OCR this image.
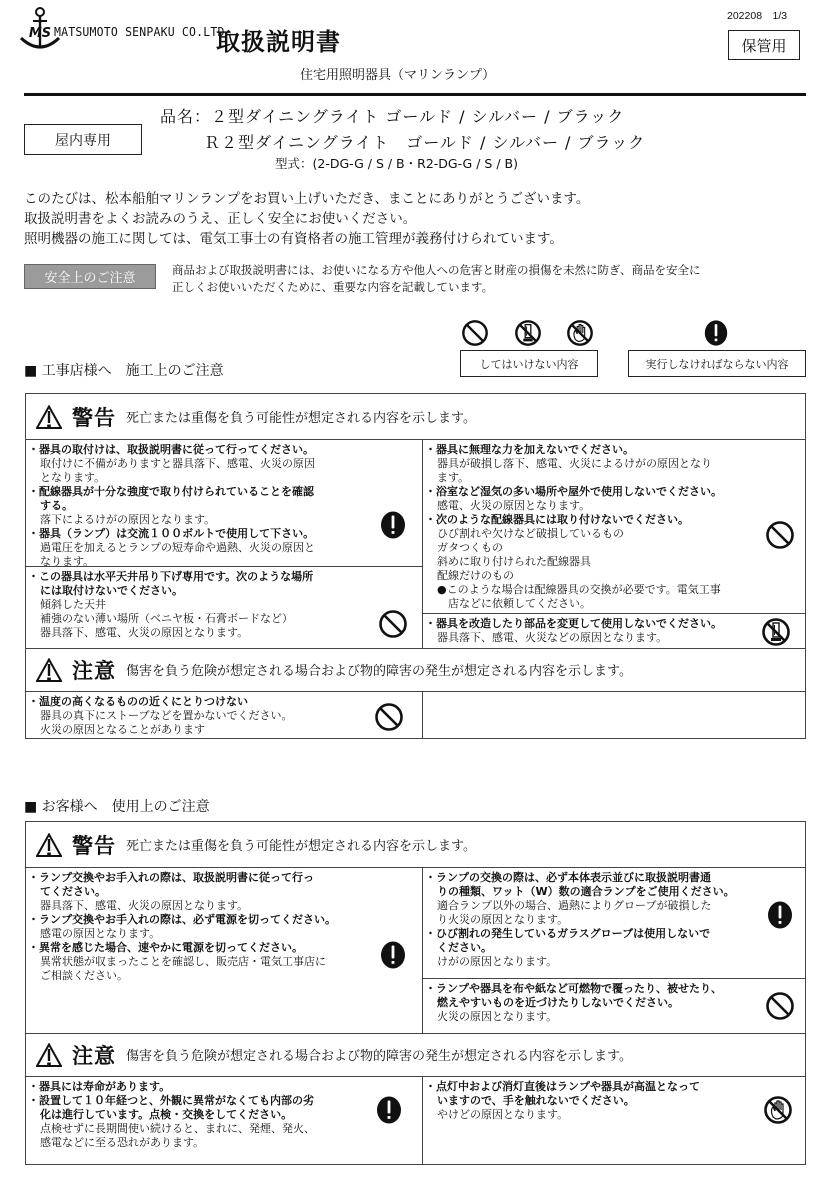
MS MATSUMOTO SENPAKU CO.LTD
取扱説明書
住宅用照明器具（マリンランプ）
202208　1/3
保管用
屋内専用
品名：２型ダイニングライト ゴールド / シルバー / ブラック
Ｒ２型ダイニングライト　ゴールド / シルバー / ブラック
型式：(2-DG-G / S / B・R2-DG-G / S / B)
このたびは、松本船舶マリンランプをお買い上げいただき、まことにありがとうございます。
取扱説明書をよくお読みのうえ、正しく安全にお使いください。
照明機器の施工に関しては、電気工事士の有資格者の施工管理が義務付けられています。
安全上のご注意
商品および取扱説明書には、お使いになる方や他人への危害と財産の損傷を未然に防ぎ、商品を安全に
正しくお使いいただくために、重要な内容を記載しています。
してはいけない内容	実行しなければならない内容
■ 工事店様へ　施工上のご注意
警告 死亡または重傷を負う可能性が想定される内容を示します。
・ 器具の取付けは、取扱説明書に従って行ってください。
取付けに不備がありますと器具落下、感電、火災の原因
となります。
・ 配線器具が十分な強度で取り付けられていることを確認
する。
落下によるけがの原因となります。
・ 器具（ランプ）は交流１００ボルトで使用して下さい。
過電圧を加えるとランプの短寿命や過熱、火災の原因と
なります。
・ この器具は水平天井吊り下げ専用です。次のような場所
には取付けないでください。
傾斜した天井
補強のない薄い場所（ベニヤ板・石膏ボードなど）
器具落下、感電、火災の原因となります。
・ 器具に無理な力を加えないでください。
器具が破損し落下、感電、火災によるけがの原因となり
ます。
・ 浴室など湿気の多い場所や屋外で使用しないでください。
感電、火災の原因となります。
・ 次のような配線器具には取り付けないでください。
ひび割れや欠けなど破損しているもの
ガタつくもの
斜めに取り付けられた配線器具
配線だけのもの
●このような場合は配線器具の交換が必要です。電気工事
　店などに依頼してください。
・ 器具を改造したり部品を変更して使用しないでください。
器具落下、感電、火災などの原因となります。
注意 傷害を負う危険が想定される場合および物的障害の発生が想定される内容を示します。
・ 温度の高くなるものの近くにとりつけない
器具の真下にストーブなどを置かないでください。
火災の原因となることがあります
■ お客様へ　使用上のご注意
警告 死亡または重傷を負う可能性が想定される内容を示します。
・ ランプ交換やお手入れの際は、取扱説明書に従って行っ
てください。
器具落下、感電、火災の原因となります。
・ ランプ交換やお手入れの際は、必ず電源を切ってください。
感電の原因となります。
・ 異常を感じた場合、速やかに電源を切ってください。
異常状態が収まったことを確認し、販売店・電気工事店に
ご相談ください。
・ ランプの交換の際は、必ず本体表示並びに取扱説明書通
りの種類、ワット（W）数の適合ランプをご使用ください。
適合ランプ以外の場合、過熱によりグローブが破損した
り火災の原因となります。
・ ひび割れの発生しているガラスグローブは使用しないで
ください。
けがの原因となります。
・ ランプや器具を布や紙など可燃物で覆ったり、被せたり、
燃えやすいものを近づけたりしないでください。
火災の原因となります。
注意 傷害を負う危険が想定される場合および物的障害の発生が想定される内容を示します。
・ 器具には寿命があります。
・ 設置して１０年経つと、外観に異常がなくても内部の劣
化は進行しています。点検・交換をしてください。
点検せずに長期間使い続けると、まれに、発煙、発火、
感電などに至る恐れがあります。
・ 点灯中および消灯直後はランプや器具が高温となって
いますので、手を触れないでください。
やけどの原因となります。
